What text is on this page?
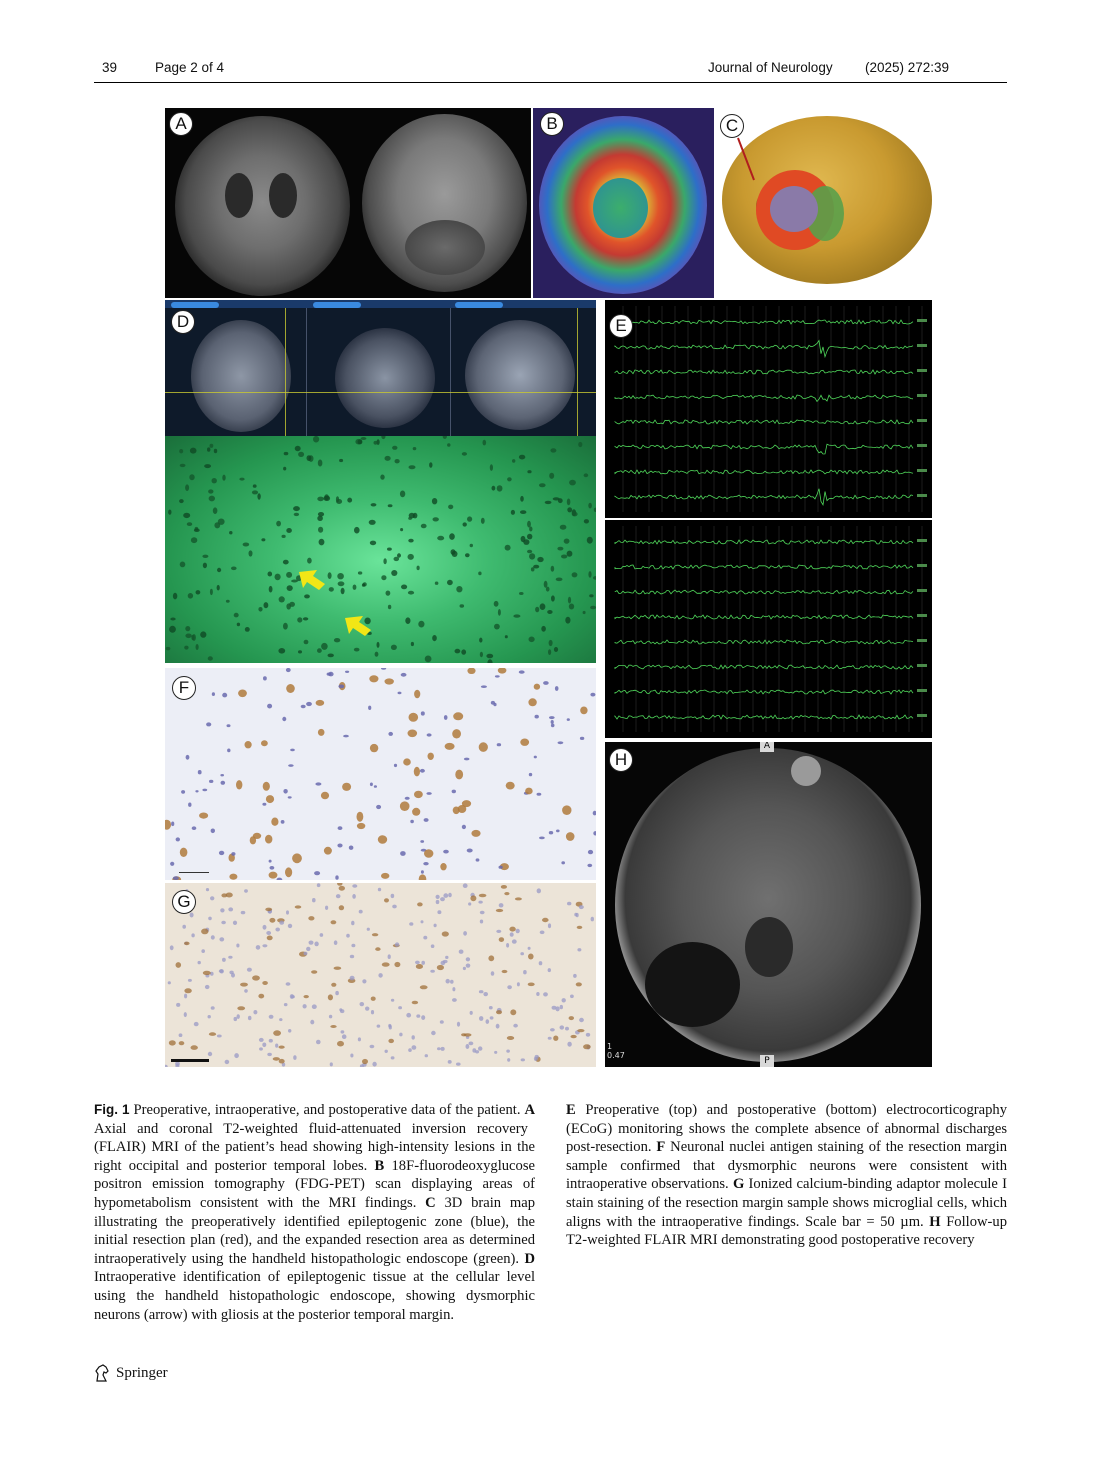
39	Page 2 of 4	Journal of Neurology (2025) 272:39
A	B	C
D	E
F
G
A
P
1
0.47
H
Fig. 1 Preoperative, intraoperative, and postoperative data of the patient. A Axial and coronal T2-weighted fluid-attenuated inversion recovery (FLAIR) MRI of the patient’s head showing high-intensity lesions in the right occipital and posterior temporal lobes. B 18F-fluorodeoxyglucose positron emission tomography (FDG-PET) scan displaying areas of hypometabolism consistent with the MRI findings. C 3D brain map illustrating the preoperatively identified epileptogenic zone (blue), the initial resection plan (red), and the expanded resection area as determined intraoperatively using the handheld histopathologic endoscope (green). D Intraoperative identification of epileptogenic tissue at the cellular level using the handheld histopathologic endoscope, showing dysmorphic neurons (arrow) with gliosis at the posterior temporal margin.
E Preoperative (top) and postoperative (bottom) electrocorticography (ECoG) monitoring shows the complete absence of abnormal discharges post-resection. F Neuronal nuclei antigen staining of the resection margin sample confirmed that dysmorphic neurons were consistent with intraoperative observations. G Ionized calcium-binding adaptor molecule I stain staining of the resection margin sample shows microglial cells, which aligns with the intraoperative findings. Scale bar = 50 µm. H Follow-up T2-weighted FLAIR MRI demonstrating good postoperative recovery
Springer
